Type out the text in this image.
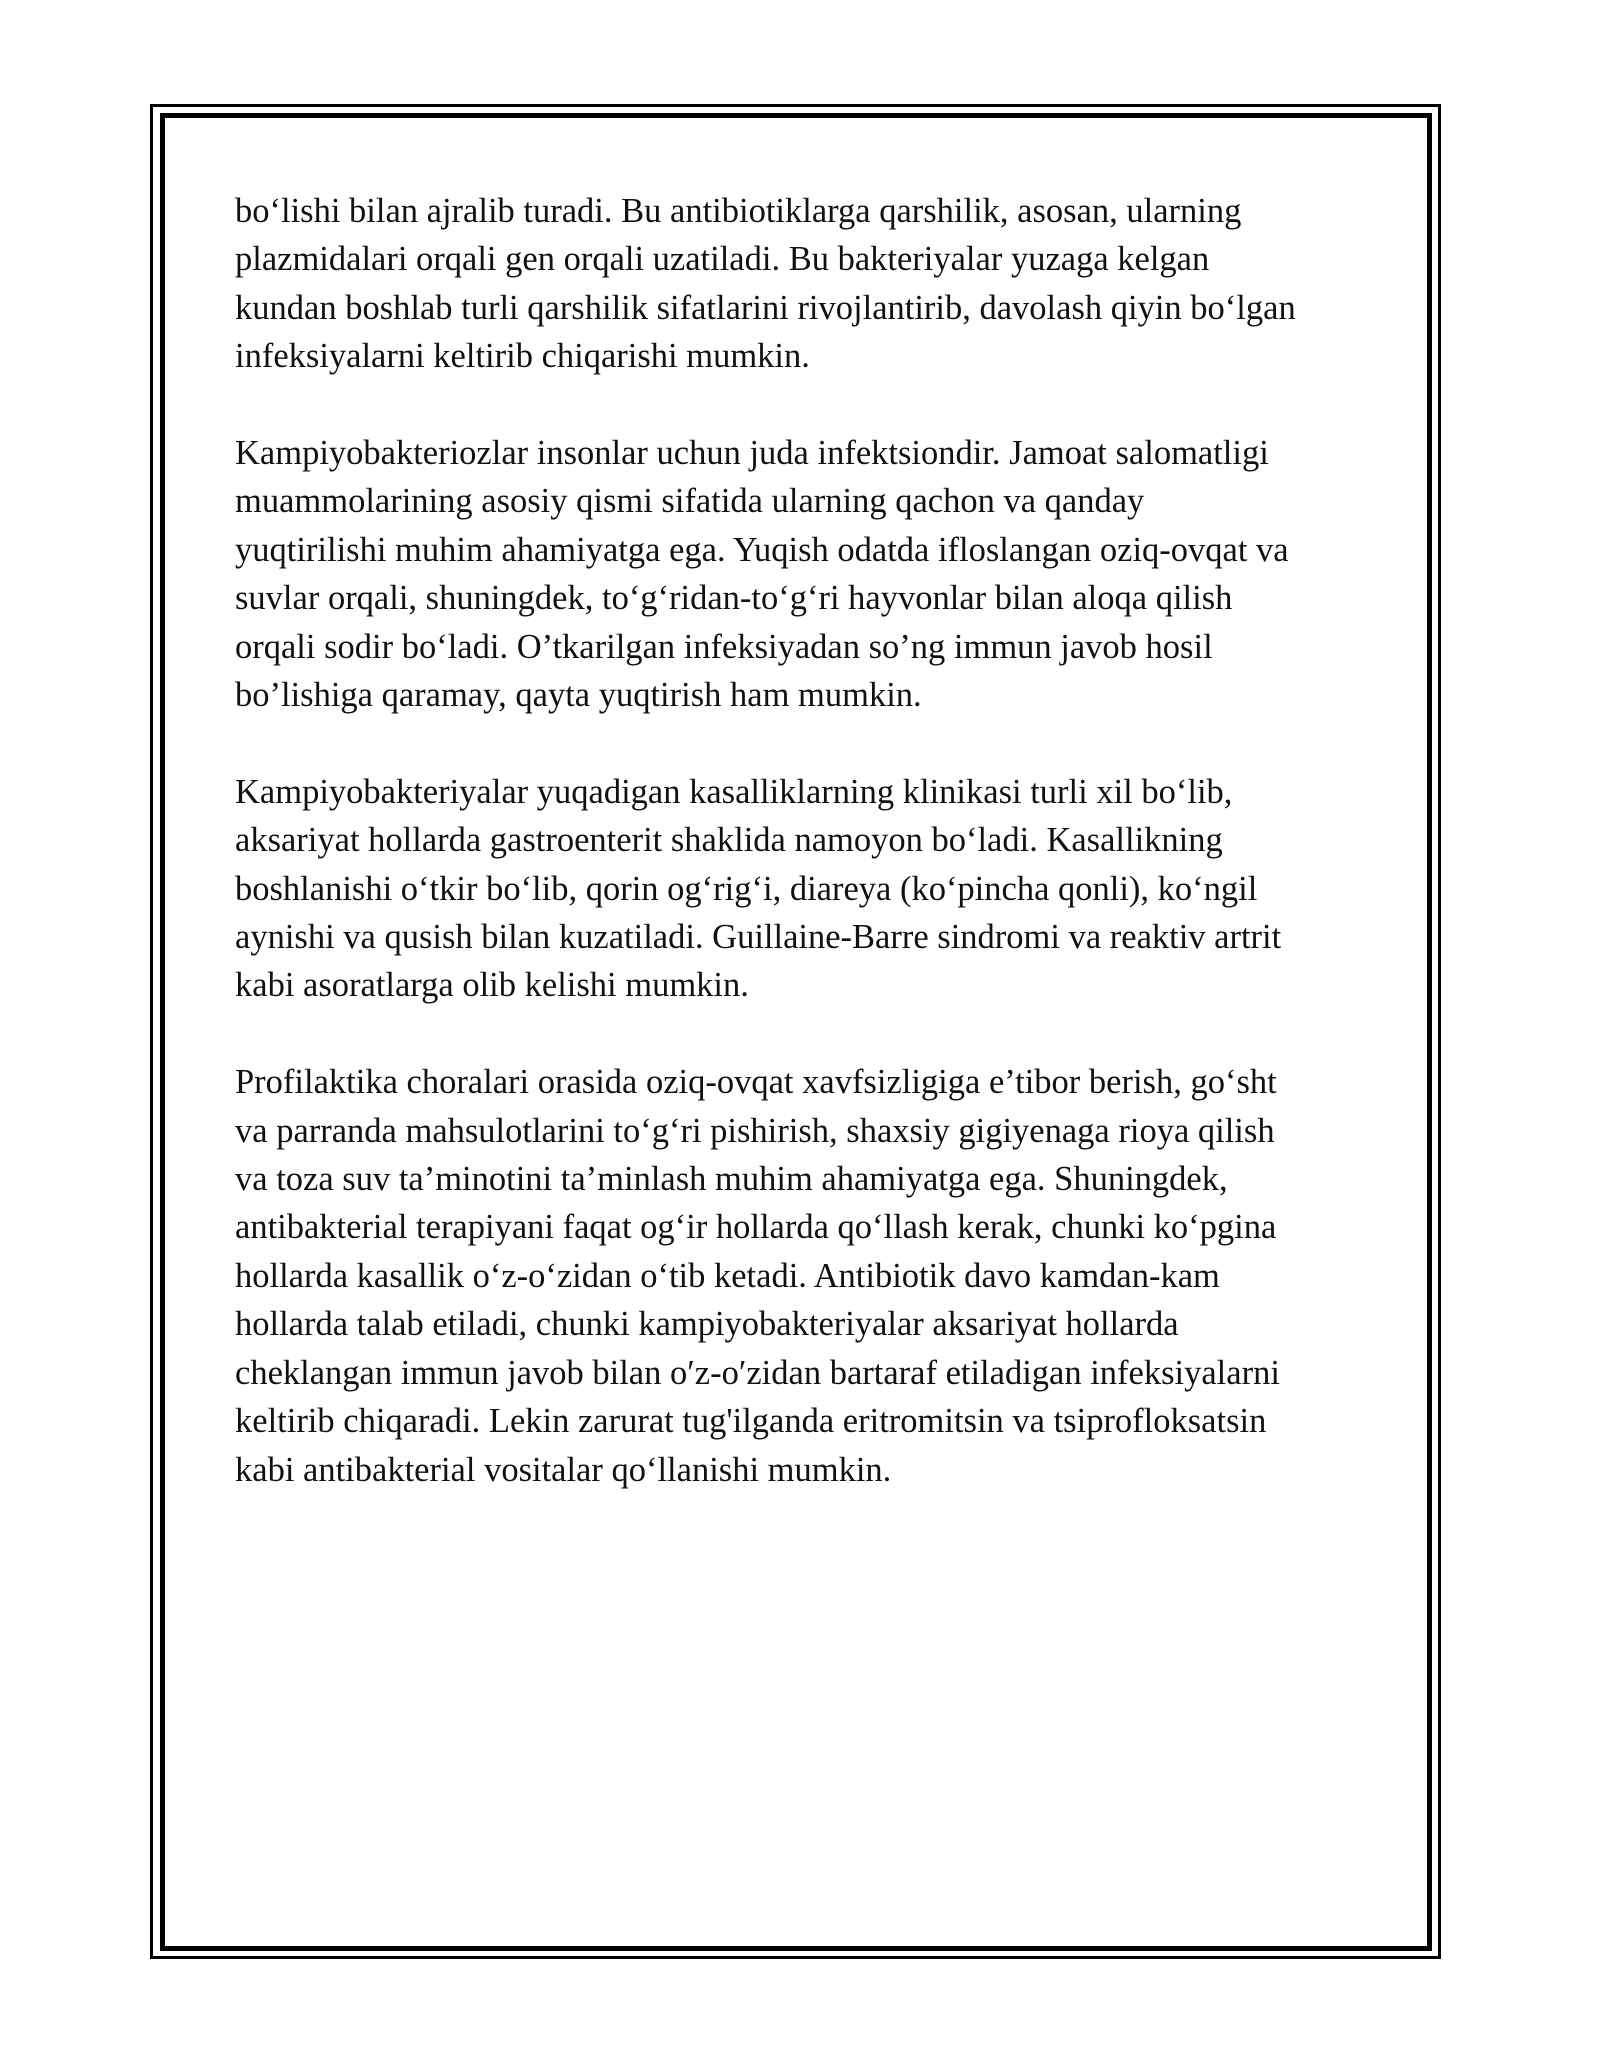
bo‘lishi bilan ajralib turadi. Bu antibiotiklarga qarshilik, asosan, ularning
plazmidalari orqali gen orqali uzatiladi. Bu bakteriyalar yuzaga kelgan
kundan boshlab turli qarshilik sifatlarini rivojlantirib, davolash qiyin bo‘lgan
infeksiyalarni keltirib chiqarishi mumkin.

Kampiyobakteriozlar insonlar uchun juda infektsiondir. Jamoat salomatligi
muammolarining asosiy qismi sifatida ularning qachon va qanday
yuqtirilishi muhim ahamiyatga ega. Yuqish odatda ifloslangan oziq-ovqat va
suvlar orqali, shuningdek, to‘g‘ridan-to‘g‘ri hayvonlar bilan aloqa qilish
orqali sodir bo‘ladi. O’tkarilgan infeksiyadan so’ng immun javob hosil
bo’lishiga qaramay, qayta yuqtirish ham mumkin.

Kampiyobakteriyalar yuqadigan kasalliklarning klinikasi turli xil bo‘lib,
aksariyat hollarda gastroenterit shaklida namoyon bo‘ladi. Kasallikning
boshlanishi o‘tkir bo‘lib, qorin og‘rig‘i, diareya (ko‘pincha qonli), ko‘ngil
aynishi va qusish bilan kuzatiladi. Guillaine-Barre sindromi va reaktiv artrit
kabi asoratlarga olib kelishi mumkin.

Profilaktika choralari orasida oziq-ovqat xavfsizligiga e’tibor berish, go‘sht
va parranda mahsulotlarini to‘g‘ri pishirish, shaxsiy gigiyenaga rioya qilish
va toza suv ta’minotini ta’minlash muhim ahamiyatga ega. Shuningdek,
antibakterial terapiyani faqat og‘ir hollarda qo‘llash kerak, chunki ko‘pgina
hollarda kasallik o‘z-o‘zidan o‘tib ketadi. Antibiotik davo kamdan-kam
hollarda talab etiladi, chunki kampiyobakteriyalar aksariyat hollarda
cheklangan immun javob bilan o′z-o′zidan bartaraf etiladigan infeksiyalarni
keltirib chiqaradi. Lekin zarurat tug'ilganda eritromitsin va tsiprofloksatsin
kabi antibakterial vositalar qo‘llanishi mumkin.
